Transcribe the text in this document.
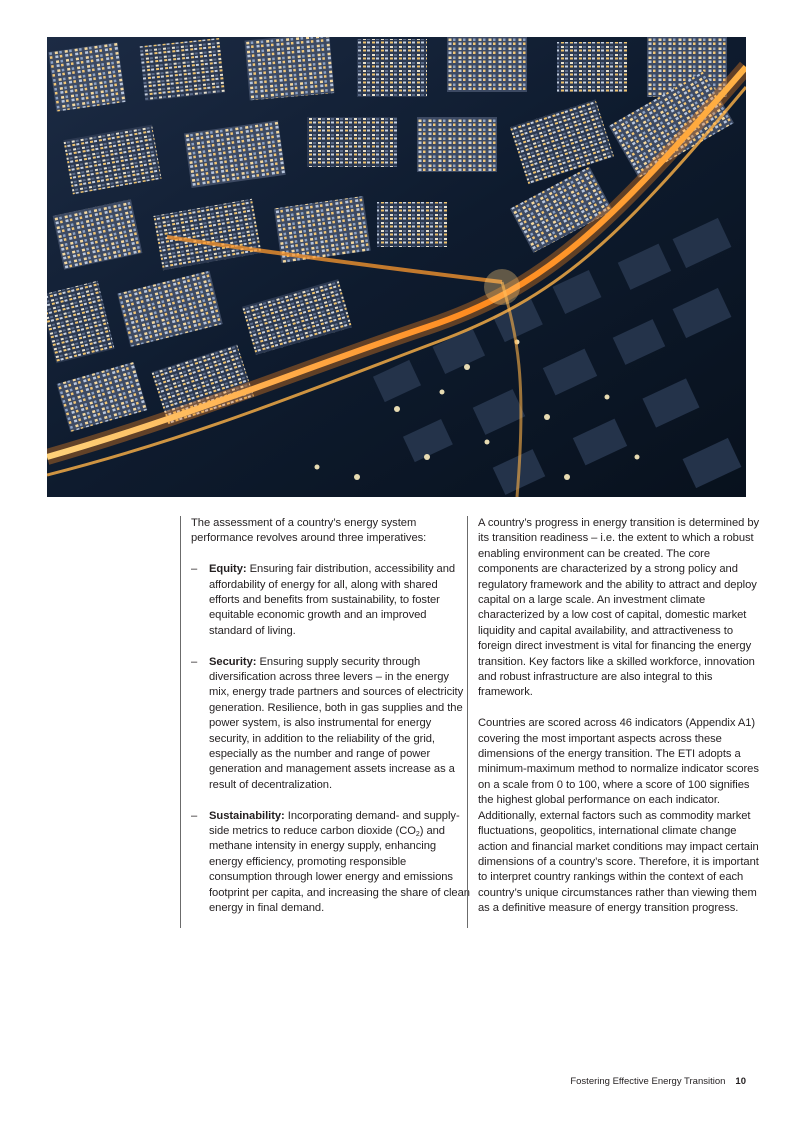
The assessment of a country’s energy system performance revolves around three imperatives:

– Equity: Ensuring fair distribution, accessibility and affordability of energy for all, along with shared efforts and benefits from sustainability, to foster equitable economic growth and an improved standard of living.
– Security: Ensuring supply security through diversification across three levers – in the energy mix, energy trade partners and sources of electricity generation. Resilience, both in gas supplies and the power system, is also instrumental for energy security, in addition to the reliability of the grid, especially as the number and range of power generation and management assets increase as a result of decentralization.
– Sustainability: Incorporating demand- and supply-side metrics to reduce carbon dioxide $(CO_2)$ and methane intensity in energy supply, enhancing energy efficiency, promoting responsible consumption through lower energy and emissions footprint per capita, and increasing the share of clean energy in final demand.

A country’s progress in energy transition is determined by its transition readiness – i.e. the extent to which a robust enabling environment can be created. The core components are characterized by a strong policy and regulatory framework and the ability to attract and deploy capital on a large scale. An investment climate characterized by a low cost of capital, domestic market liquidity and capital availability, and attractiveness to foreign direct investment is vital for financing the energy transition. Key factors like a skilled workforce, innovation and robust infrastructure are also integral to this framework.

Countries are scored across 46 indicators (Appendix A1) covering the most important aspects across these dimensions of the energy transition. The ETI adopts a minimum-maximum method to normalize indicator scores on a scale from 0 to 100, where a score of 100 signifies the highest global performance on each indicator. Additionally, external factors such as commodity market fluctuations, geopolitics, international climate change action and financial market conditions may impact certain dimensions of a country’s score. Therefore, it is important to interpret country rankings within the context of each country’s unique circumstances rather than viewing them as a definitive measure of energy transition progress.

Fostering Effective Energy Transition 10
